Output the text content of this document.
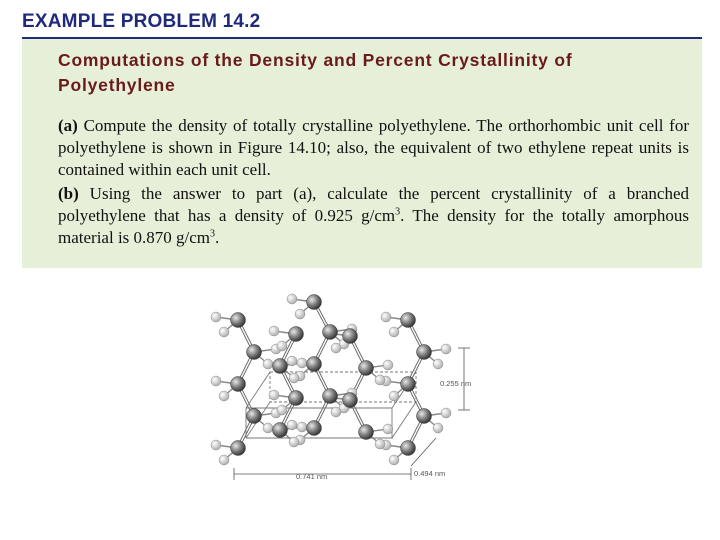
EXAMPLE PROBLEM 14.2
Computations of the Density and Percent Crystallinity of Polyethylene

(a) Compute the density of totally crystalline polyethylene. The orthorhombic unit cell for polyethylene is shown in Figure 14.10; also, the equivalent of two ethylene repeat units is contained within each unit cell.

(b) Using the answer to part (a), calculate the percent crystallinity of a branched polyethylene that has a density of 0.925 $g/cm^3$. The density for the totally amorphous material is 0.870 $g/cm^3$.

0.255 nm
0.741 nm	0.494 nm
